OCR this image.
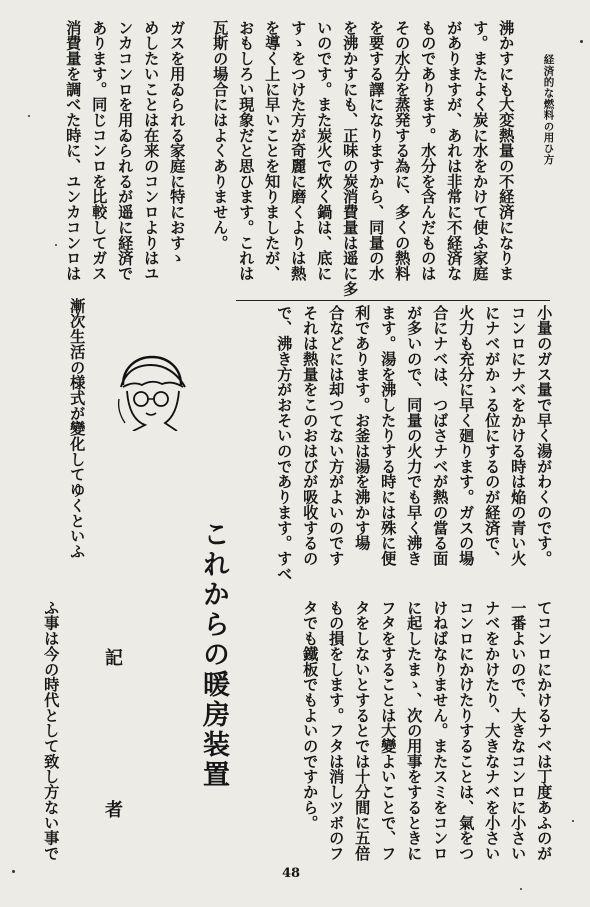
経済的な燃料の用ひ方
沸かすにも大変熱量の不経済になりま
す。またよく炭に水をかけて使ふ家庭
がありますが、あれは非常に不経済な
ものであります。水分を含んだものは
その水分を蒸発する為に、多くの熱料
を要する譯になりますから、同量の水
を沸かすにも、正味の炭消費量は遥に多
いのです。また炭火で炊く鍋は、底に
すゝをつけた方が奇麗に磨くよりは熱
を導く上に早いことを知りましたが、
おもしろい現象だと思ひます。これは
瓦斯の場合にはよくありません。
ガスを用ゐられる家庭に特におすゝ
めしたいことは在来のコンロよりはユ
ンカコンロを用ゐられるが遥に経済で
あります。同じコンロを比較してガス
消費量を調べた時に、ユンカコンロは
小量のガス量で早く湯がわくのです。
コンロにナベをかける時は焔の青い火
にナベがかゝる位にするのが経済で、
火力も充分に早く廻ります。ガスの場
合にナベは、つばさナベが熱の當る面
が多いので、同量の火力でも早く沸き
ます。湯を沸したりする時には殊に便
利であります。お釜は湯を沸かす場
合などには却つてない方がよいのです
それは熱量をこのおはびが吸收するの
で、沸き方がおそいのであります。すべ
てコンロにかけるナベは丁度あふのが
一番よいので、大きなコンロに小さい
ナベをかけたり、大きなナベを小さい
コンロにかけたりすることは、氣をつ
けねばなりません。またスミをコンロ
に起したまゝ、次の用事をするときに
フタをすることは大變よいことで、フ
タをしないとするとでは十分間に五倍
もの損をします。フタは消しツボのフ
タでも鐵板でもよいのですから。
これからの暖房装置
記
者
漸次生活の様式が變化してゆくといふ
ふ事は今の時代として致し方ない事で
48
